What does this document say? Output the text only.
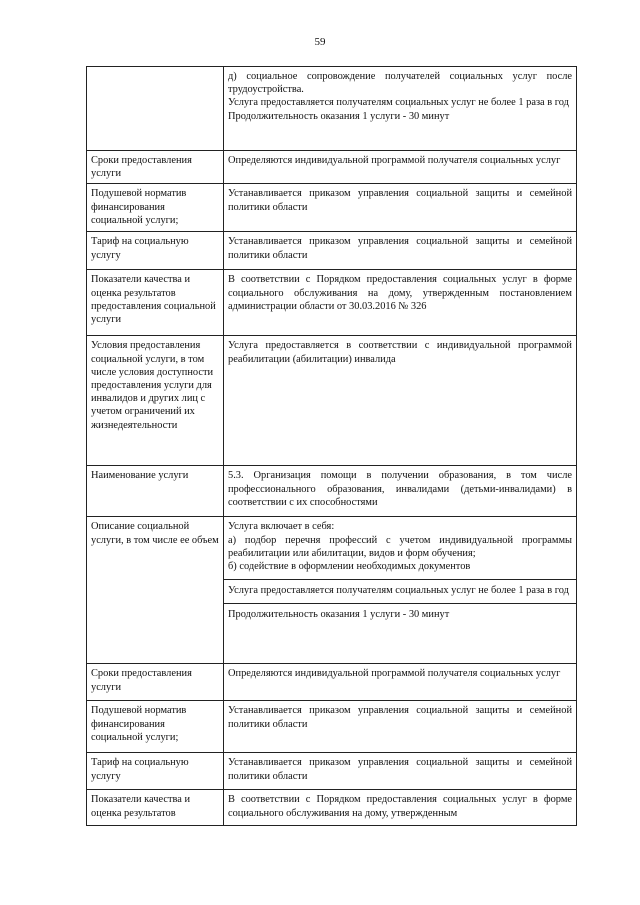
59

	д) социальное сопровождение получателей социальных услуг после трудоустройства.
Услуга предоставляется получателям социальных услуг не более 1 раза в год
Продолжительность оказания 1 услуги - 30 минут

Сроки предоставления услуги	Определяются индивидуальной программой получателя социальных услуг
Подушевой норматив финансирования социальной услуги;	Устанавливается приказом управления социальной защиты и семейной политики области
Тариф на социальную услугу	Устанавливается приказом управления социальной защиты и семейной политики области
Показатели качества и оценка результатов предоставления социальной услуги	В соответствии с Порядком предоставления социальных услуг в форме социального обслуживания на дому, утвержденным постановлением администрации области от 30.03.2016 № 326
Условия предоставления социальной услуги, в том числе условия доступности предоставления услуги для инвалидов и других лиц с учетом ограничений их жизнедеятельности	Услуга предоставляется в соответствии с индивидуальной программой реабилитации (абилитации) инвалида
Наименование услуги	5.3. Организация помощи в получении образования, в том числе профессионального образования, инвалидами (детьми-инвалидами) в соответствии с их способностями
Описание социальной услуги, в том числе ее объем	Услуга включает в себя:
а) подбор перечня профессий с учетом индивидуальной программы реабилитации или абилитации, видов и форм обучения;
б) содействие в оформлении необходимых документов
Услуга предоставляется получателям социальных услуг не более 1 раза в год
Продолжительность оказания 1 услуги - 30 минут

Сроки предоставления услуги	Определяются индивидуальной программой получателя социальных услуг
Подушевой норматив финансирования социальной услуги;	Устанавливается приказом управления социальной защиты и семейной политики области
Тариф на социальную услугу	Устанавливается приказом управления социальной защиты и семейной политики области
Показатели качества и оценка результатов	В соответствии с Порядком предоставления социальных услуг в форме социального обслуживания на дому, утвержденным
